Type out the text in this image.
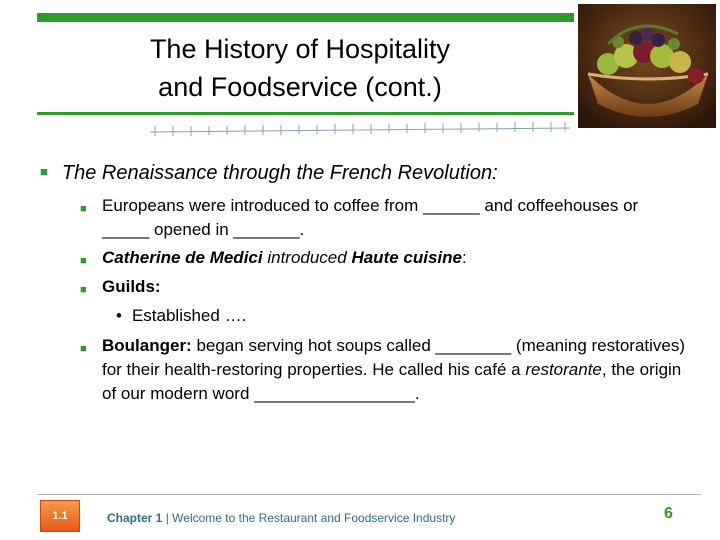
The History of Hospitality
and Foodservice (cont.)
■ The Renaissance through the French Revolution:
■ Europeans were introduced to coffee from ______ and coffeehouses or _____ opened in _______.
■ Catherine de Medici introduced Haute cuisine:
■ Guilds:
• Established ….
■ Boulanger: began serving hot soups called ________ (meaning restoratives) for their health-restoring properties. He called his café a restorante, the origin of our modern word _________________.
1.1	Chapter 1 | Welcome to the Restaurant and Foodservice Industry	6
